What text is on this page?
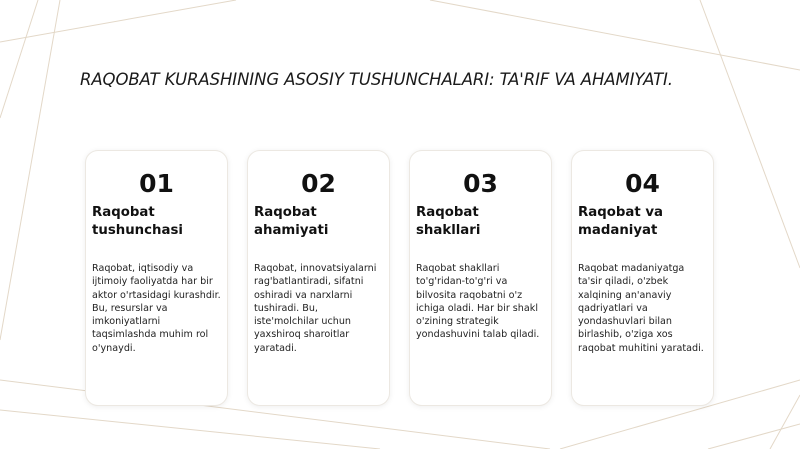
RAQOBAT KURASHINING ASOSIY TUSHUNCHALARI: TA'RIF VA AHAMIYATI.
01
Raqobat tushunchasi
Raqobat, iqtisodiy va ijtimoiy faoliyatda har bir aktor o'rtasidagi kurashdir. Bu, resurslar va imkoniyatlarni taqsimlashda muhim rol o'ynaydi.
02
Raqobat ahamiyati
Raqobat, innovatsiyalarni rag'batlantiradi, sifatni oshiradi va narxlarni tushiradi. Bu, iste'molchilar uchun yaxshiroq sharoitlar yaratadi.
03
Raqobat shakllari
Raqobat shakllari to'g'ridan-to'g'ri va bilvosita raqobatni o'z ichiga oladi. Har bir shakl o'zining strategik yondashuvini talab qiladi.
04
Raqobat va madaniyat
Raqobat madaniyatga ta'sir qiladi, o'zbek xalqining an'anaviy qadriyatlari va yondashuvlari bilan birlashib, o'ziga xos raqobat muhitini yaratadi.
